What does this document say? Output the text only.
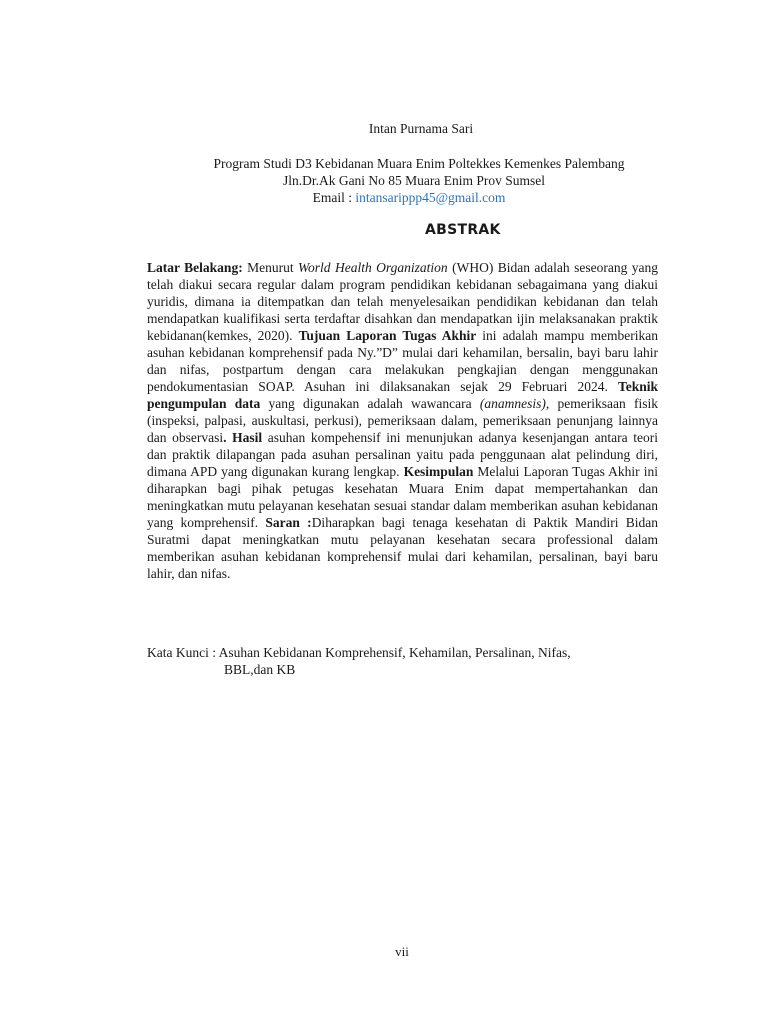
Intan Purnama Sari
Program Studi D3 Kebidanan Muara Enim Poltekkes Kemenkes Palembang
Jln.Dr.Ak Gani No 85 Muara Enim Prov Sumsel
Email : intansarippp45@gmail.com
ABSTRAK
Latar Belakang: Menurut World Health Organization (WHO) Bidan adalah seseorang yang telah diakui secara regular dalam program pendidikan kebidanan sebagaimana yang diakui yuridis, dimana ia ditempatkan dan telah menyelesaikan pendidikan kebidanan dan telah mendapatkan kualifikasi serta terdaftar disahkan dan mendapatkan ijin melaksanakan praktik kebidanan(kemkes, 2020). Tujuan Laporan Tugas Akhir ini adalah mampu memberikan asuhan kebidanan komprehensif pada Ny.”D” mulai dari kehamilan, bersalin, bayi baru lahir dan nifas, postpartum dengan cara melakukan pengkajian dengan menggunakan pendokumentasian SOAP. Asuhan ini dilaksanakan sejak 29 Februari 2024. Teknik pengumpulan data yang digunakan adalah wawancara (anamnesis), pemeriksaan fisik (inspeksi, palpasi, auskultasi, perkusi), pemeriksaan dalam, pemeriksaan penunjang lainnya dan observasi. Hasil asuhan kompehensif ini menunjukan adanya kesenjangan antara teori dan praktik dilapangan pada asuhan persalinan yaitu pada penggunaan alat pelindung diri, dimana APD yang digunakan kurang lengkap. Kesimpulan Melalui Laporan Tugas Akhir ini diharapkan bagi pihak petugas kesehatan Muara Enim dapat mempertahankan dan meningkatkan mutu pelayanan kesehatan sesuai standar dalam memberikan asuhan kebidanan yang komprehensif. Saran :Diharapkan bagi tenaga kesehatan di Paktik Mandiri Bidan Suratmi dapat meningkatkan mutu pelayanan kesehatan secara professional dalam memberikan asuhan kebidanan komprehensif mulai dari kehamilan, persalinan, bayi baru lahir, dan nifas.
Kata Kunci : Asuhan Kebidanan Komprehensif, Kehamilan, Persalinan, Nifas,
BBL,dan KB
vii
